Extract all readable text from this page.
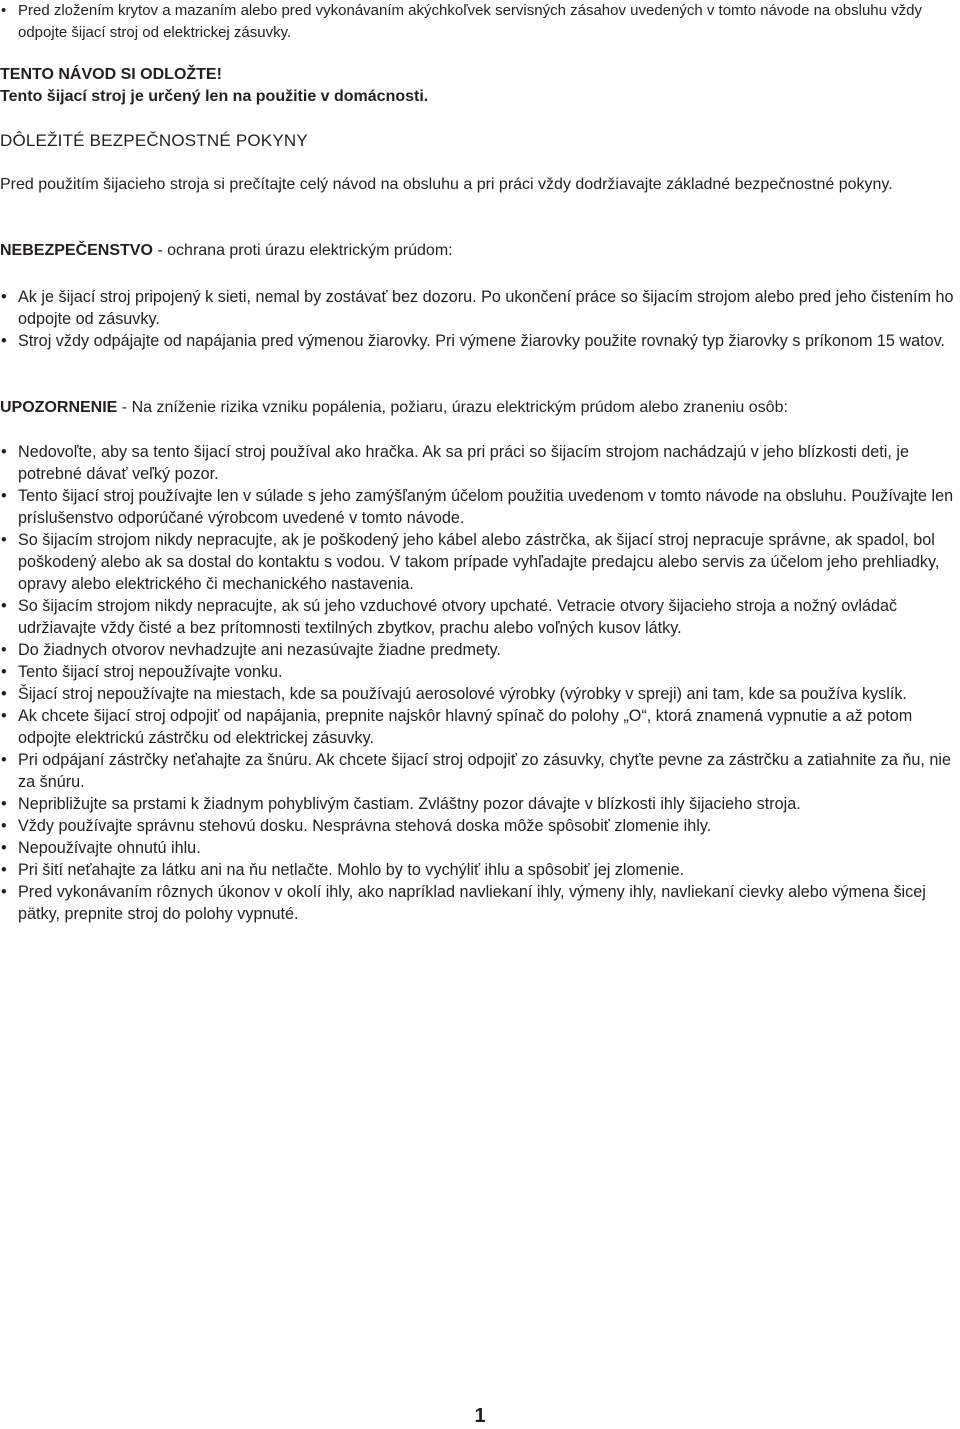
• Pred zložením krytov a mazaním alebo pred vykonávaním akýchkoľvek servisných zásahov uvedených v tomto návode na obsluhu vždy odpojte šijací stroj od elektrickej zásuvky.

TENTO NÁVOD SI ODLOŽTE!

Tento šijací stroj je určený len na použitie v domácnosti.

DÔLEŽITÉ BEZPEČNOSTNÉ POKYNY

Pred použitím šijacieho stroja si prečítajte celý návod na obsluhu a pri práci vždy dodržiavajte základné bezpečnostné pokyny.

NEBEZPEČENSTVO - ochrana proti úrazu elektrickým prúdom:

• Ak je šijací stroj pripojený k sieti, nemal by zostávať bez dozoru. Po ukončení práce so šijacím strojom alebo pred jeho čistením ho odpojte od zásuvky.
• Stroj vždy odpájajte od napájania pred výmenou žiarovky. Pri výmene žiarovky použite rovnaký typ žiarovky s príkonom 15 watov.

UPOZORNENIE - Na zníženie rizika vzniku popálenia, požiaru, úrazu elektrickým prúdom alebo zraneniu osôb:

• Nedovoľte, aby sa tento šijací stroj používal ako hračka. Ak sa pri práci so šijacím strojom nachádzajú v jeho blízkosti deti, je potrebné dávať veľký pozor.
• Tento šijací stroj používajte len v súlade s jeho zamýšľaným účelom použitia uvedenom v tomto návode na obsluhu. Používajte len príslušenstvo odporúčané výrobcom uvedené v tomto návode.
• So šijacím strojom nikdy nepracujte, ak je poškodený jeho kábel alebo zástrčka, ak šijací stroj nepracuje správne, ak spadol, bol poškodený alebo ak sa dostal do kontaktu s vodou. V takom prípade vyhľadajte predajcu alebo servis za účelom jeho prehliadky, opravy alebo elektrického či mechanického nastavenia.
• So šijacím strojom nikdy nepracujte, ak sú jeho vzduchové otvory upchaté. Vetracie otvory šijacieho stroja a nožný ovládač udržiavajte vždy čisté a bez prítomnosti textilných zbytkov, prachu alebo voľných kusov látky.
• Do žiadnych otvorov nevhadzujte ani nezasúvajte žiadne predmety.
• Tento šijací stroj nepoužívajte vonku.
• Šijací stroj nepoužívajte na miestach, kde sa používajú aerosolové výrobky (výrobky v spreji) ani tam, kde sa používa kyslík.
• Ak chcete šijací stroj odpojiť od napájania, prepnite najskôr hlavný spínač do polohy „O“, ktorá znamená vypnutie a až potom odpojte elektrickú zástrčku od elektrickej zásuvky.
• Pri odpájaní zástrčky neťahajte za šnúru. Ak chcete šijací stroj odpojiť zo zásuvky, chyťte pevne za zástrčku a zatiahnite za ňu, nie za šnúru.
• Nepribližujte sa prstami k žiadnym pohyblivým častiam. Zvláštny pozor dávajte v blízkosti ihly šijacieho stroja.
• Vždy používajte správnu stehovú dosku. Nesprávna stehová doska môže spôsobiť zlomenie ihly.
• Nepoužívajte ohnutú ihlu.
• Pri šití neťahajte za látku ani na ňu netlačte. Mohlo by to vychýliť ihlu a spôsobiť jej zlomenie.
• Pred vykonávaním rôznych úkonov v okolí ihly, ako napríklad navliekaní ihly, výmeny ihly, navliekaní cievky alebo výmena šicej pätky, prepnite stroj do polohy vypnuté.
1
